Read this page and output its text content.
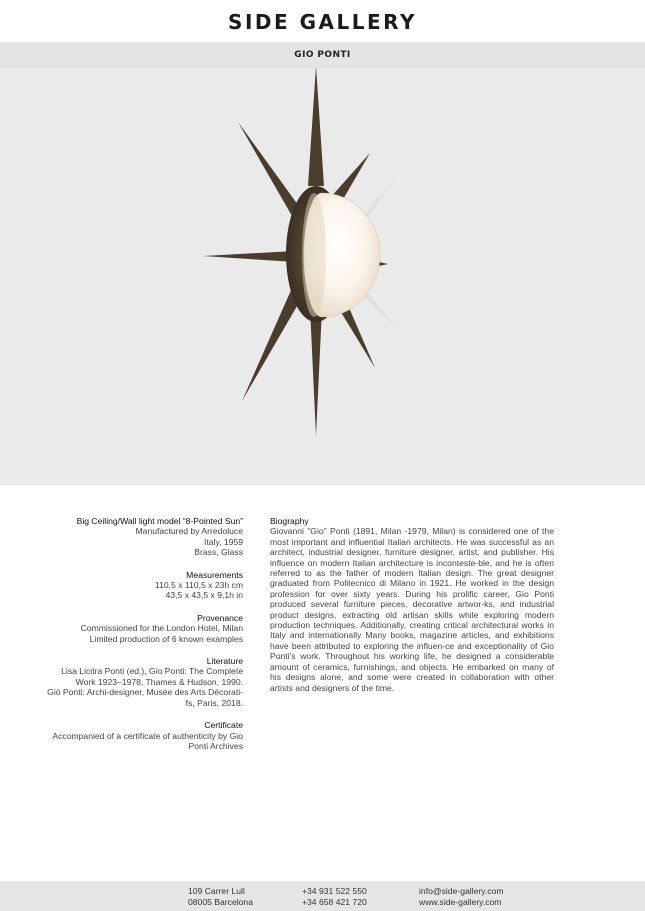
SIDE GALLERY
GIO PONTI
Big Ceiling/Wall light model “8-Pointed Sun”
Manufactured by Arredoluce
Italy, 1959
Brass, Glass
Measurements
110,5 x 110,5 x 23h cm
43,5 x 43,5 x 9,1h in
Provenance
Commissioned for the London Hotel, Milan
Limited production of 6 known examples
Literature
Lisa Licitra Ponti (ed.), Gio Ponti: The Complete
Work 1923–1978, Thames & Hudson, 1990.
Giò Ponti: Archi-designer, Musée des Arts Décorati-
fs, Paris, 2018.
Certificate
Accompanied of a certificate of authenticity by Gio
Ponti Archives
Biography
Giovanni "Gio" Ponti (1891, Milan -1979, Milan) is considered one of the most important and influential Italian architects. He was successful as an architect, industrial designer, furniture designer, artist, and publisher. His influence on modern Italian architecture is inconteste-ble, and he is often referred to as the father of modern Italian design. The great designer graduated from Politecnico di Milano in 1921. He worked in the design profession for over sixty years. During his prolific career, Gio Ponti produced several furniture pieces, decorative artwor-ks, and industrial product designs, extracting old artisan skills while exploring modern production techniques. Additionally, creating critical architectural works in Italy and internationally Many books, magazine articles, and exhibitions have been attributed to exploring the influen-ce and exceptionality of Gio Ponti's work. Throughout his working life, he designed a considerable amount of ceramics, furnishings, and objects. He embarked on many of his designs alone, and some were created in collaboration with other artists and designers of the time.
109 Carrer Lull
08005 Barcelona
+34 931 522 550
+34 658 421 720
info@side-gallery.com
www.side-gallery.com
